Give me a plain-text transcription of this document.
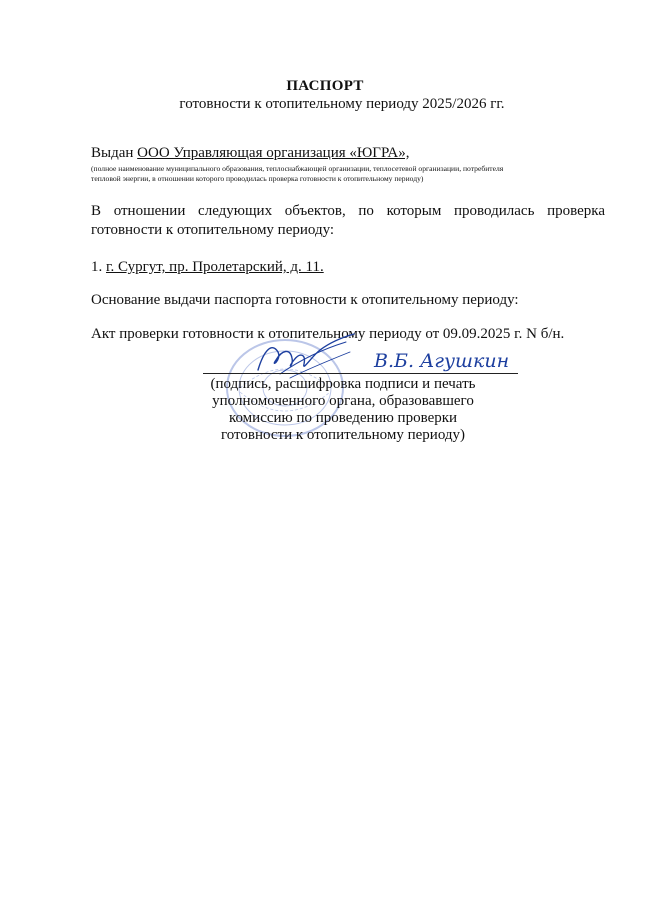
ПАСПОРТ
готовности к отопительному периоду 2025/2026 гг.
Выдан ООО Управляющая организация «ЮГРА»,
(полное наименование муниципального образования, теплоснабжающей организации, теплосетевой организации, потребителя
тепловой энергии, в отношении которого проводилась проверка готовности к отопительному периоду)
В отношении следующих объектов, по которым проводилась проверка готовности к отопительному периоду:
1. г. Сургут, пр. Пролетарский, д. 11.
Основание выдачи паспорта готовности к отопительному периоду:
Акт проверки готовности к отопительному периоду от 09.09.2025 г. N б/н.
В.Б. Агушкин
(подпись, расшифровка подписи и печать
уполномоченного органа, образовавшего
комиссию по проведению проверки
готовности к отопительному периоду)
